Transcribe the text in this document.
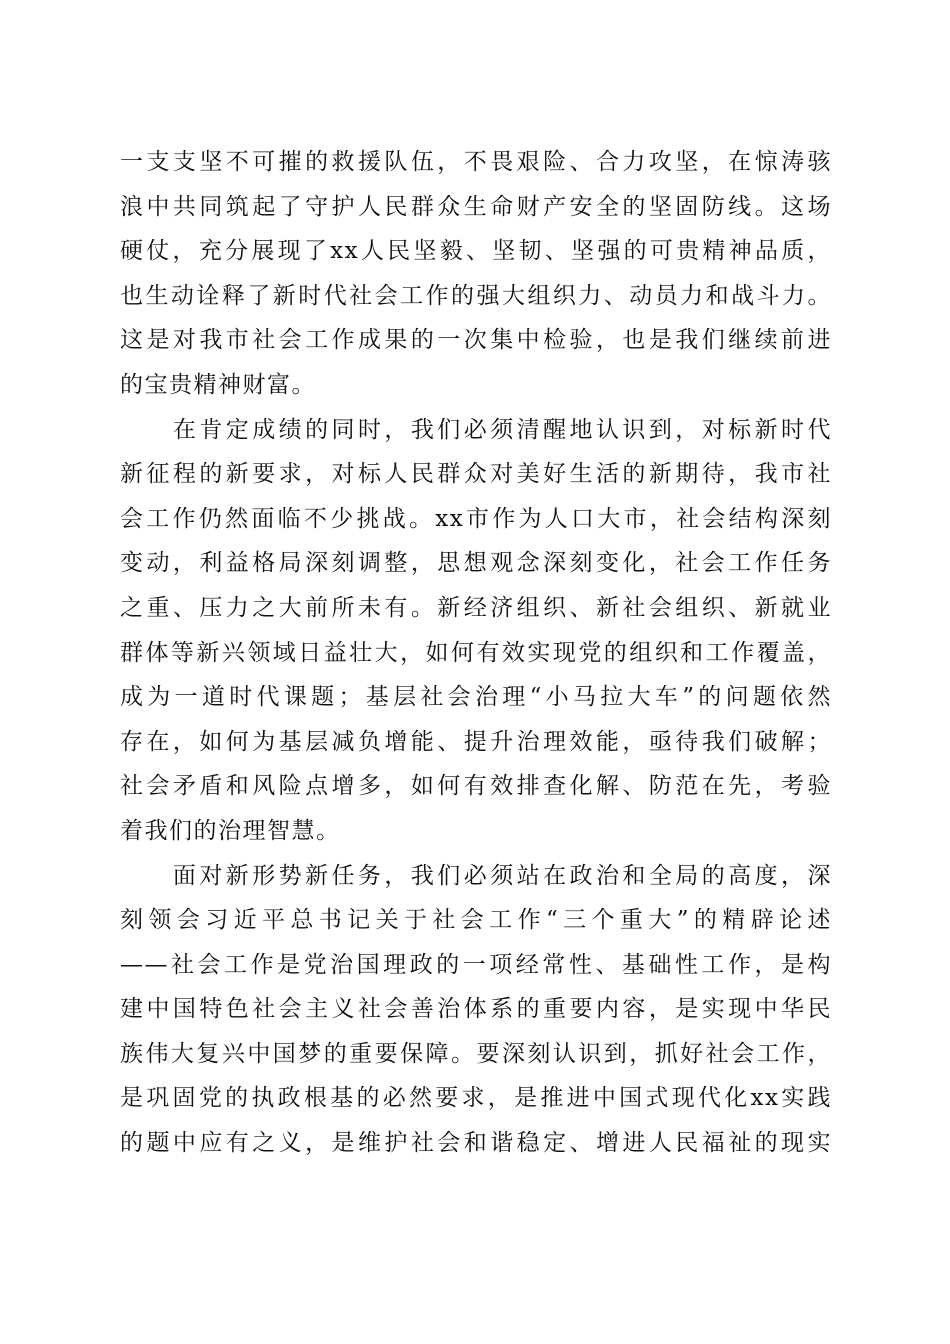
一支支坚不可摧的救援队伍，不畏艰险、合力攻坚，在惊涛骇
浪中共同筑起了守护人民群众生命财产安全的坚固防线。这场
硬仗，充分展现了xx人民坚毅、坚韧、坚强的可贵精神品质，
也生动诠释了新时代社会工作的强大组织力、动员力和战斗力。
这是对我市社会工作成果的一次集中检验，也是我们继续前进
的宝贵精神财富。
　　在肯定成绩的同时，我们必须清醒地认识到，对标新时代
新征程的新要求，对标人民群众对美好生活的新期待，我市社
会工作仍然面临不少挑战。xx市作为人口大市，社会结构深刻
变动，利益格局深刻调整，思想观念深刻变化，社会工作任务
之重、压力之大前所未有。新经济组织、新社会组织、新就业
群体等新兴领域日益壮大，如何有效实现党的组织和工作覆盖，
成为一道时代课题；基层社会治理“小马拉大车”的问题依然
存在，如何为基层减负增能、提升治理效能，亟待我们破解；
社会矛盾和风险点增多，如何有效排查化解、防范在先，考验
着我们的治理智慧。
　　面对新形势新任务，我们必须站在政治和全局的高度，深
刻领会习近平总书记关于社会工作“三个重大”的精辟论述
——社会工作是党治国理政的一项经常性、基础性工作，是构
建中国特色社会主义社会善治体系的重要内容，是实现中华民
族伟大复兴中国梦的重要保障。要深刻认识到，抓好社会工作，
是巩固党的执政根基的必然要求，是推进中国式现代化xx实践
的题中应有之义，是维护社会和谐稳定、增进人民福祉的现实
